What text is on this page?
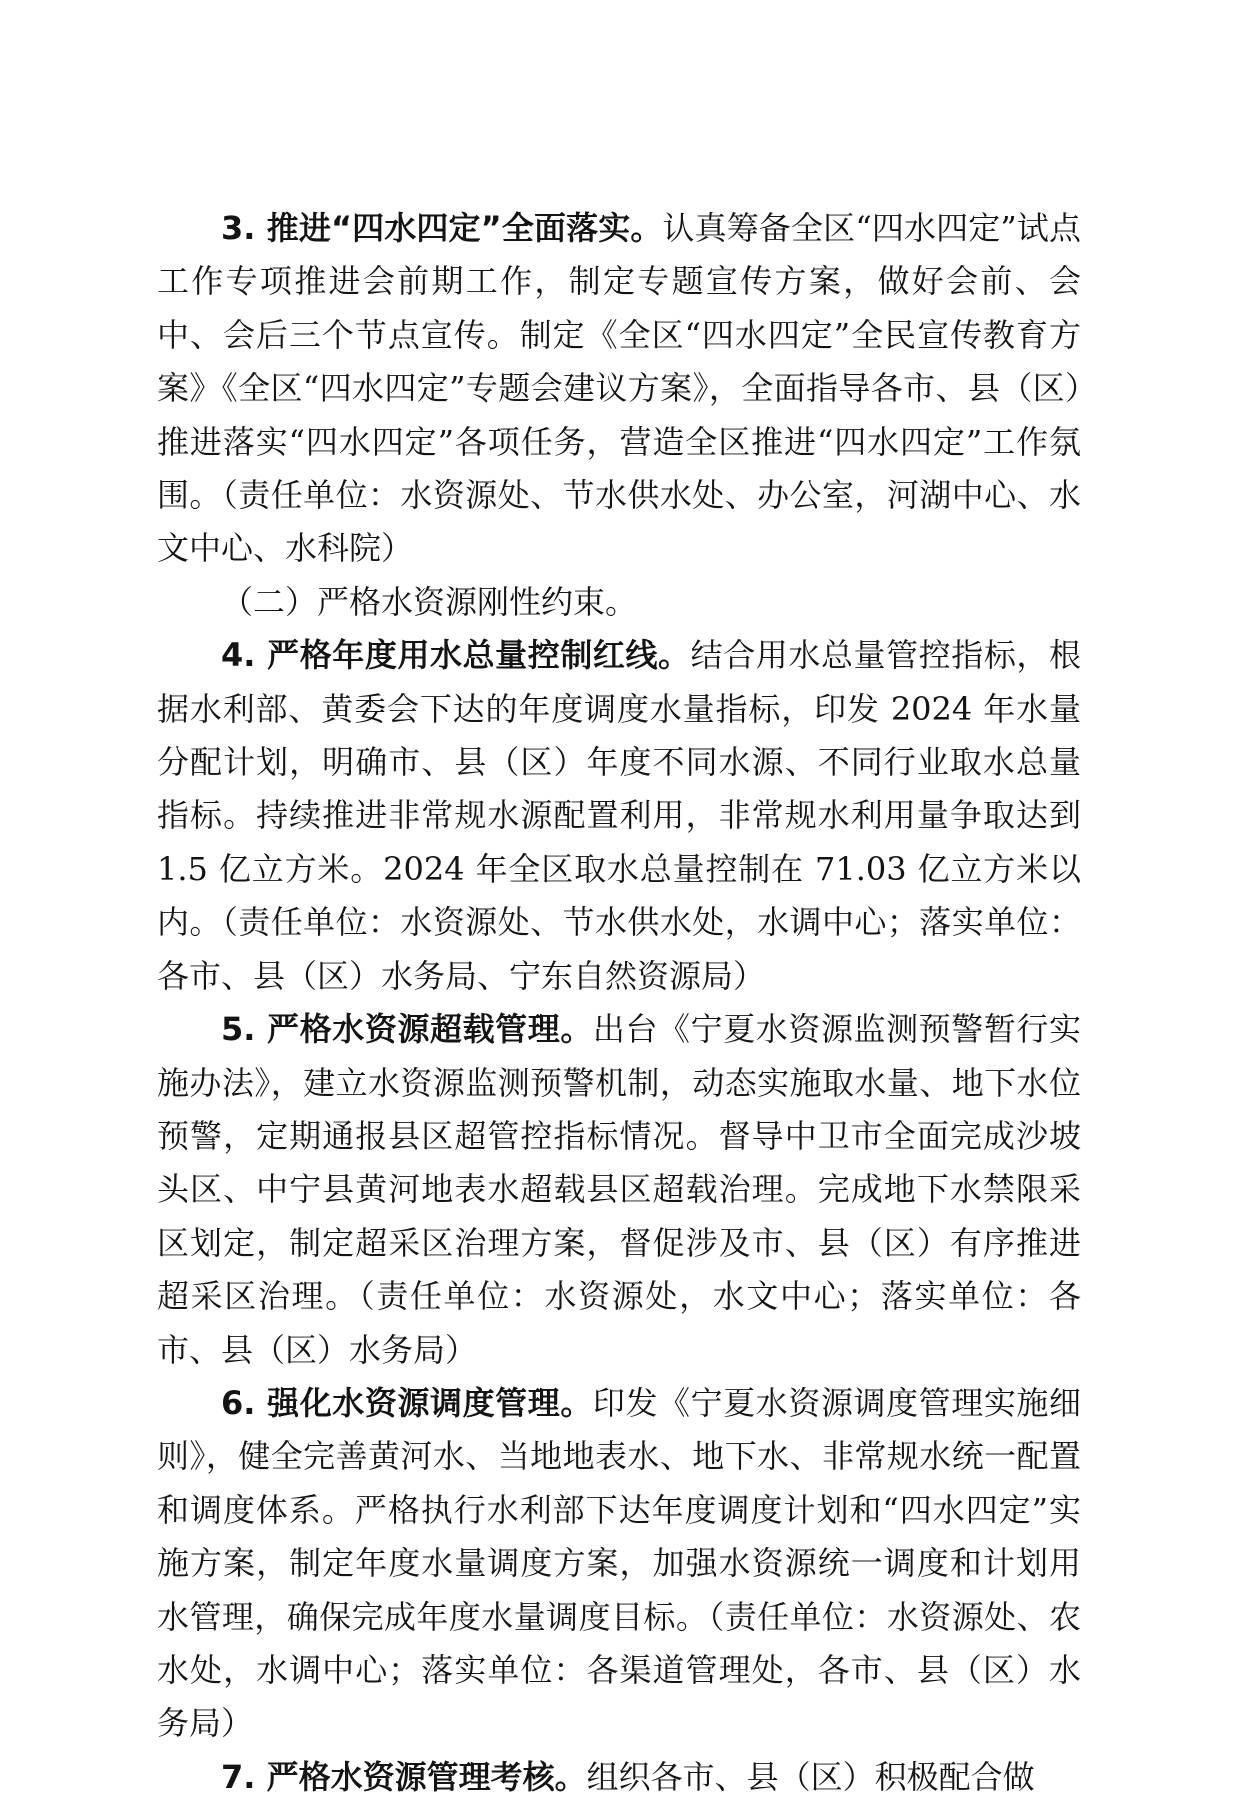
3. 推进“四水四定”全面落实。认真筹备全区“四水四定”试点工作专项推进会前期工作，制定专题宣传方案，做好会前、会中、会后三个节点宣传。制定《全区“四水四定”全民宣传教育方案》《全区“四水四定”专题会建议方案》，全面指导各市、县（区）推进落实“四水四定”各项任务，营造全区推进“四水四定”工作氛围。（责任单位：水资源处、节水供水处、办公室，河湖中心、水文中心、水科院）

（二）严格水资源刚性约束。

4. 严格年度用水总量控制红线。结合用水总量管控指标，根据水利部、黄委会下达的年度调度水量指标，印发 2024 年水量分配计划，明确市、县（区）年度不同水源、不同行业取水总量指标。持续推进非常规水源配置利用，非常规水利用量争取达到 1.5 亿立方米。2024 年全区取水总量控制在 71.03 亿立方米以内。（责任单位：水资源处、节水供水处，水调中心；落实单位：各市、县（区）水务局、宁东自然资源局）

5. 严格水资源超载管理。出台《宁夏水资源监测预警暂行实施办法》，建立水资源监测预警机制，动态实施取水量、地下水位预警，定期通报县区超管控指标情况。督导中卫市全面完成沙坡头区、中宁县黄河地表水超载县区超载治理。完成地下水禁限采区划定，制定超采区治理方案，督促涉及市、县（区）有序推进超采区治理。（责任单位：水资源处，水文中心；落实单位：各市、县（区）水务局）

6. 强化水资源调度管理。印发《宁夏水资源调度管理实施细则》，健全完善黄河水、当地地表水、地下水、非常规水统一配置和调度体系。严格执行水利部下达年度调度计划和“四水四定”实施方案，制定年度水量调度方案，加强水资源统一调度和计划用水管理，确保完成年度水量调度目标。（责任单位：水资源处、农水处，水调中心；落实单位：各渠道管理处，各市、县（区）水务局）

7. 严格水资源管理考核。组织各市、县（区）积极配合做
